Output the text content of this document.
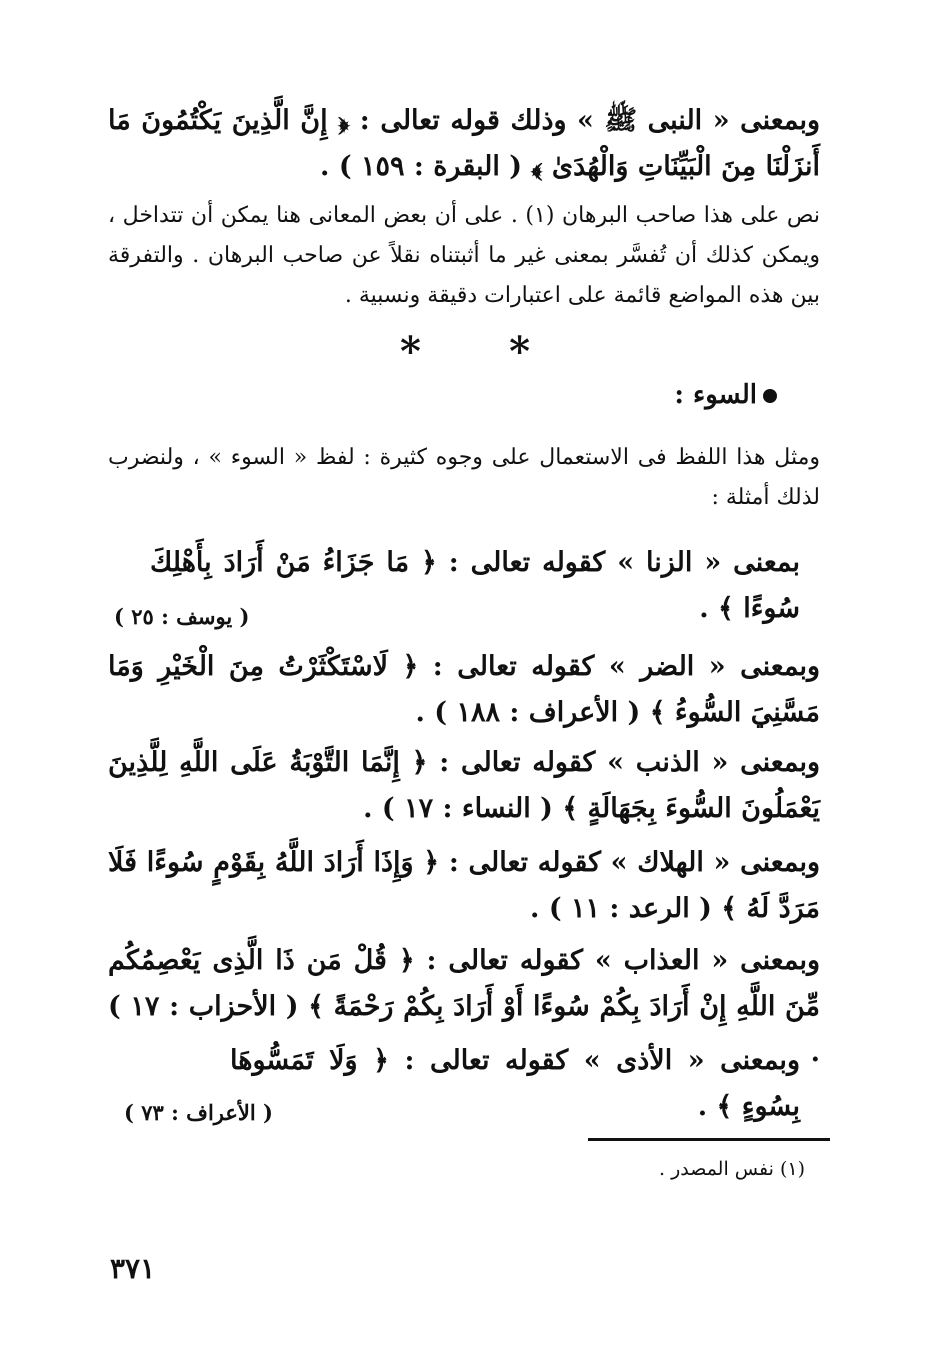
وبمعنى « النبى ﷺ » وذلك قوله تعالى : ﴿ إِنَّ الَّذِينَ يَكْتُمُونَ مَا أَنزَلْنَا مِنَ الْبَيِّنَاتِ وَالْهُدَىٰ ﴾ ( البقرة : ١٥٩ ) .
نص على هذا صاحب البرهان (١) . على أن بعض المعانى هنا يمكن أن تتداخل ، ويمكن كذلك أن تُفسَّر بمعنى غير ما أثبتناه نقلاً عن صاحب البرهان . والتفرقة بين هذه المواضع قائمة على اعتبارات دقيقة ونسبية .
* *
السوء :
ومثل هذا اللفظ فى الاستعمال على وجوه كثيرة : لفظ « السوء » ، ولنضرب لذلك أمثلة :
بمعنى « الزنا » كقوله تعالى : ﴿ مَا جَزَاءُ مَنْ أَرَادَ بِأَهْلِكَ سُوءًا ﴾ .
( يوسف : ٢٥ )
وبمعنى « الضر » كقوله تعالى : ﴿ لَاسْتَكْثَرْتُ مِنَ الْخَيْرِ وَمَا مَسَّنِيَ السُّوءُ ﴾ ( الأعراف : ١٨٨ ) .
وبمعنى « الذنب » كقوله تعالى : ﴿ إِنَّمَا التَّوْبَةُ عَلَى اللَّهِ لِلَّذِينَ يَعْمَلُونَ السُّوءَ بِجَهَالَةٍ ﴾ ( النساء : ١٧ ) .
وبمعنى « الهلاك » كقوله تعالى : ﴿ وَإِذَا أَرَادَ اللَّهُ بِقَوْمٍ سُوءًا فَلَا مَرَدَّ لَهُ ﴾ ( الرعد : ١١ ) .
وبمعنى « العذاب » كقوله تعالى : ﴿ قُلْ مَن ذَا الَّذِى يَعْصِمُكُم مِّنَ اللَّهِ إِنْ أَرَادَ بِكُمْ سُوءًا أَوْ أَرَادَ بِكُمْ رَحْمَةً ﴾ ( الأحزاب : ١٧ ) .
وبمعنى « الأذى » كقوله تعالى : ﴿ وَلَا تَمَسُّوهَا بِسُوءٍ ﴾ .
( الأعراف : ٧٣ )
(١) نفس المصدر .
٣٧١
